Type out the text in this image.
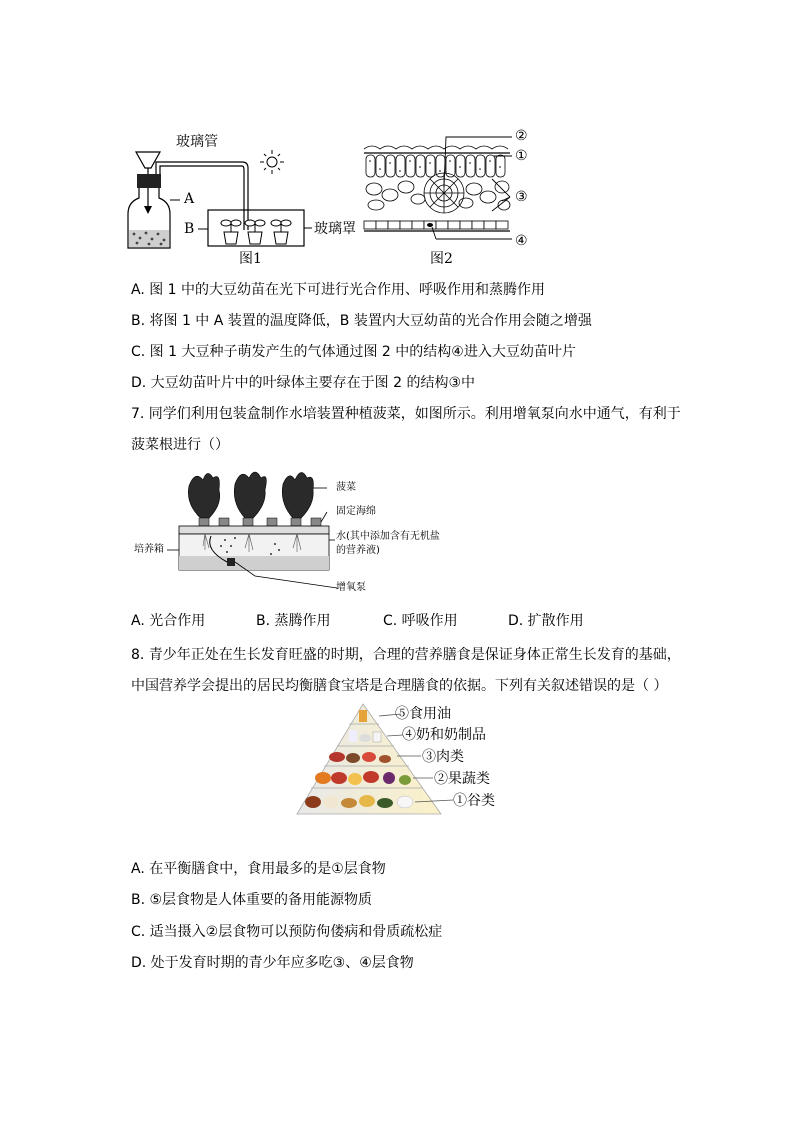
玻璃管
A
B	玻璃罩
图1
②
①
③
④
图2
A. 图 1 中的大豆幼苗在光下可进行光合作用、呼吸作用和蒸腾作用
B. 将图 1 中 A 装置的温度降低，B 装置内大豆幼苗的光合作用会随之增强
C. 图 1 大豆种子萌发产生的气体通过图 2 中的结构④进入大豆幼苗叶片
D. 大豆幼苗叶片中的叶绿体主要存在于图 2 的结构③中
7. 同学们利用包装盒制作水培装置种植菠菜，如图所示。利用增氧泵向水中通气，有利于
菠菜根进行（）
菠菜
固定海绵
水(其中添加含有无机盐
的营养液)
培养箱
增氧泵
A. 光合作用	B. 蒸腾作用	C. 呼吸作用	D. 扩散作用
8. 青少年正处在生长发育旺盛的时期，合理的营养膳食是保证身体正常生长发育的基础，
中国营养学会提出的居民均衡膳食宝塔是合理膳食的依据。下列有关叙述错误的是（ ）
⑤食用油
④奶和奶制品
③肉类
②果蔬类
①谷类
A. 在平衡膳食中，食用最多的是①层食物
B. ⑤层食物是人体重要的备用能源物质
C. 适当摄入②层食物可以预防佝偻病和骨质疏松症
D. 处于发育时期的青少年应多吃③、④层食物
